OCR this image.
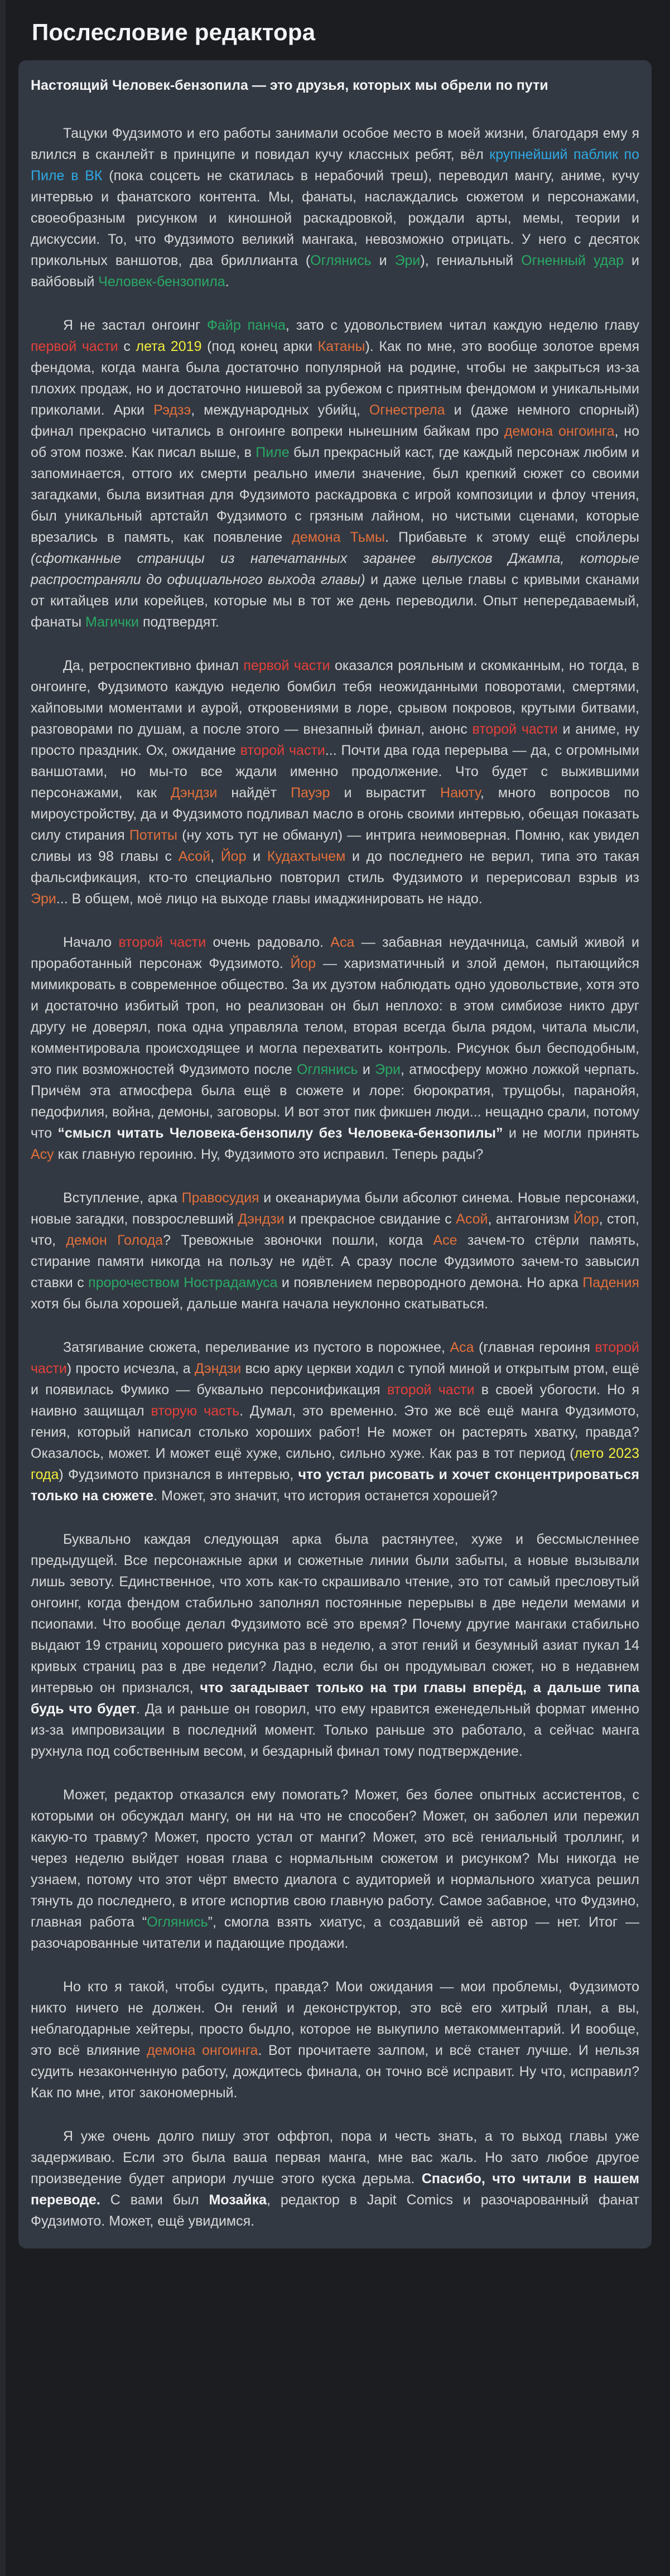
Послесловие редактора

Настоящий Человек-бензопила — это друзья, которых мы обрели по пути

Тацуки Фудзимото и его работы занимали особое место в моей жизни, благодаря ему я влился в сканлейт в принципе и повидал кучу классных ребят, вёл крупнейший паблик по Пиле в ВК (пока соцсеть не скатилась в нерабочий треш), переводил мангу, аниме, кучу интервью и фанатского контента. Мы, фанаты, наслаждались сюжетом и персонажами, своеобразным рисунком и киношной раскадровкой, рождали арты, мемы, теории и дискуссии. То, что Фудзимото великий мангака, невозможно отрицать. У него с десяток прикольных ваншотов, два бриллианта (Оглянись и Эри), гениальный Огненный удар и вайбовый Человек-бензопила.

Я не застал онгоинг Файр панча, зато с удовольствием читал каждую неделю главу первой части с лета 2019 (под конец арки Катаны). Как по мне, это вообще золотое время фендома, когда манга была достаточно популярной на родине, чтобы не закрыться из-за плохих продаж, но и достаточно нишевой за рубежом с приятным фендомом и уникальными приколами. Арки Рэдзэ, международных убийц, Огнестрела и (даже немного спорный) финал прекрасно читались в онгоинге вопреки нынешним байкам про демона онгоинга, но об этом позже. Как писал выше, в Пиле был прекрасный каст, где каждый персонаж любим и запоминается, оттого их смерти реально имели значение, был крепкий сюжет со своими загадками, была визитная для Фудзимото раскадровка с игрой композиции и флоу чтения, был уникальный артстайл Фудзимото с грязным лайном, но чистыми сценами, которые врезались в память, как появление демона Тьмы. Прибавьте к этому ещё спойлеры (сфотканные страницы из напечатанных заранее выпусков Джампа, которые распространяли до официального выхода главы) и даже целые главы с кривыми сканами от китайцев или корейцев, которые мы в тот же день переводили. Опыт непередаваемый, фанаты Магички подтвердят.

Да, ретроспективно финал первой части оказался рояльным и скомканным, но тогда, в онгоинге, Фудзимото каждую неделю бомбил тебя неожиданными поворотами, смертями, хайповыми моментами и аурой, откровениями в лоре, срывом покровов, крутыми битвами, разговорами по душам, а после этого — внезапный финал, анонс второй части и аниме, ну просто праздник. Ох, ожидание второй части... Почти два года перерыва — да, с огромными ваншотами, но мы-то все ждали именно продолжение. Что будет с выжившими персонажами, как Дэндзи найдёт Пауэр и вырастит Наюту, много вопросов по мироустройству, да и Фудзимото подливал масло в огонь своими интервью, обещая показать силу стирания Потиты (ну хоть тут не обманул) — интрига неимоверная. Помню, как увидел сливы из 98 главы с Асой, Йор и Кудахтычем и до последнего не верил, типа это такая фальсификация, кто-то специально повторил стиль Фудзимото и перерисовал взрыв из Эри... В общем, моё лицо на выходе главы имаджинировать не надо.

Начало второй части очень радовало. Аса — забавная неудачница, самый живой и проработанный персонаж Фудзимото. Йор — харизматичный и злой демон, пытающийся мимикровать в современное общество. За их дуэтом наблюдать одно удовольствие, хотя это и достаточно избитый троп, но реализован он был неплохо: в этом симбиозе никто друг другу не доверял, пока одна управляла телом, вторая всегда была рядом, читала мысли, комментировала происходящее и могла перехватить контроль. Рисунок был бесподобным, это пик возможностей Фудзимото после Оглянись и Эри, атмосферу можно ложкой черпать. Причём эта атмосфера была ещё в сюжете и лоре: бюрократия, трущобы, паранойя, педофилия, война, демоны, заговоры. И вот этот пик фикшен люди... нещадно срали, потому что “смысл читать Человека-бензопилу без Человека-бензопилы” и не могли принять Асу как главную героиню. Ну, Фудзимото это исправил. Теперь рады?

Вступление, арка Правосудия и океанариума были абсолют синема. Новые персонажи, новые загадки, повзрослевший Дэндзи и прекрасное свидание с Асой, антагонизм Йор, стоп, что, демон Голода? Тревожные звоночки пошли, когда Асе зачем-то стёрли память, стирание памяти никогда на пользу не идёт. А сразу после Фудзимото зачем-то завысил ставки с пророчеством Нострадамуса и появлением первородного демона. Но арка Падения хотя бы была хорошей, дальше манга начала неуклонно скатываться.

Затягивание сюжета, переливание из пустого в порожнее, Аса (главная героиня второй части) просто исчезла, а Дэндзи всю арку церкви ходил с тупой миной и открытым ртом, ещё и появилась Фумико — буквально персонификация второй части в своей убогости. Но я наивно защищал вторую часть. Думал, это временно. Это же всё ещё манга Фудзимото, гения, который написал столько хороших работ! Не может он растерять хватку, правда? Оказалось, может. И может ещё хуже, сильно, сильно хуже. Как раз в тот период (лето 2023 года) Фудзимото признался в интервью, что устал рисовать и хочет сконцентрироваться только на сюжете. Может, это значит, что история останется хорошей?

Буквально каждая следующая арка была растянутее, хуже и бессмысленнее предыдущей. Все персонажные арки и сюжетные линии были забыты, а новые вызывали лишь зевоту. Единственное, что хоть как-то скрашивало чтение, это тот самый пресловутый онгоинг, когда фендом стабильно заполнял постоянные перерывы в две недели мемами и псиопами. Что вообще делал Фудзимото всё это время? Почему другие мангаки стабильно выдают 19 страниц хорошего рисунка раз в неделю, а этот гений и безумный азиат пукал 14 кривых страниц раз в две недели? Ладно, если бы он продумывал сюжет, но в недавнем интервью он признался, что загадывает только на три главы вперёд, а дальше типа будь что будет. Да и раньше он говорил, что ему нравится еженедельный формат именно из-за импровизации в последний момент. Только раньше это работало, а сейчас манга рухнула под собственным весом, и бездарный финал тому подтверждение.

Может, редактор отказался ему помогать? Может, без более опытных ассистентов, с которыми он обсуждал мангу, он ни на что не способен? Может, он заболел или пережил какую-то травму? Может, просто устал от манги? Может, это всё гениальный троллинг, и через неделю выйдет новая глава с нормальным сюжетом и рисунком? Мы никогда не узнаем, потому что этот чёрт вместо диалога с аудиторией и нормального хиатуса решил тянуть до последнего, в итоге испортив свою главную работу. Самое забавное, что Фудзино, главная работа “Оглянись”, смогла взять хиатус, а создавший её автор — нет. Итог — разочарованные читатели и падающие продажи.

Но кто я такой, чтобы судить, правда? Мои ожидания — мои проблемы, Фудзимото никто ничего не должен. Он гений и деконструктор, это всё его хитрый план, а вы, неблагодарные хейтеры, просто быдло, которое не выкупило метакомментарий. И вообще, это всё влияние демона онгоинга. Вот прочитаете залпом, и всё станет лучше. И нельзя судить незаконченную работу, дождитесь финала, он точно всё исправит. Ну что, исправил? Как по мне, итог закономерный.

Я уже очень долго пишу этот оффтоп, пора и честь знать, а то выход главы уже задерживаю. Если это была ваша первая манга, мне вас жаль. Но зато любое другое произведение будет априори лучше этого куска дерьма. Спасибо, что читали в нашем переводе. С вами был Мозайка, редактор в Japit Comics и разочарованный фанат Фудзимото. Может, ещё увидимся.
